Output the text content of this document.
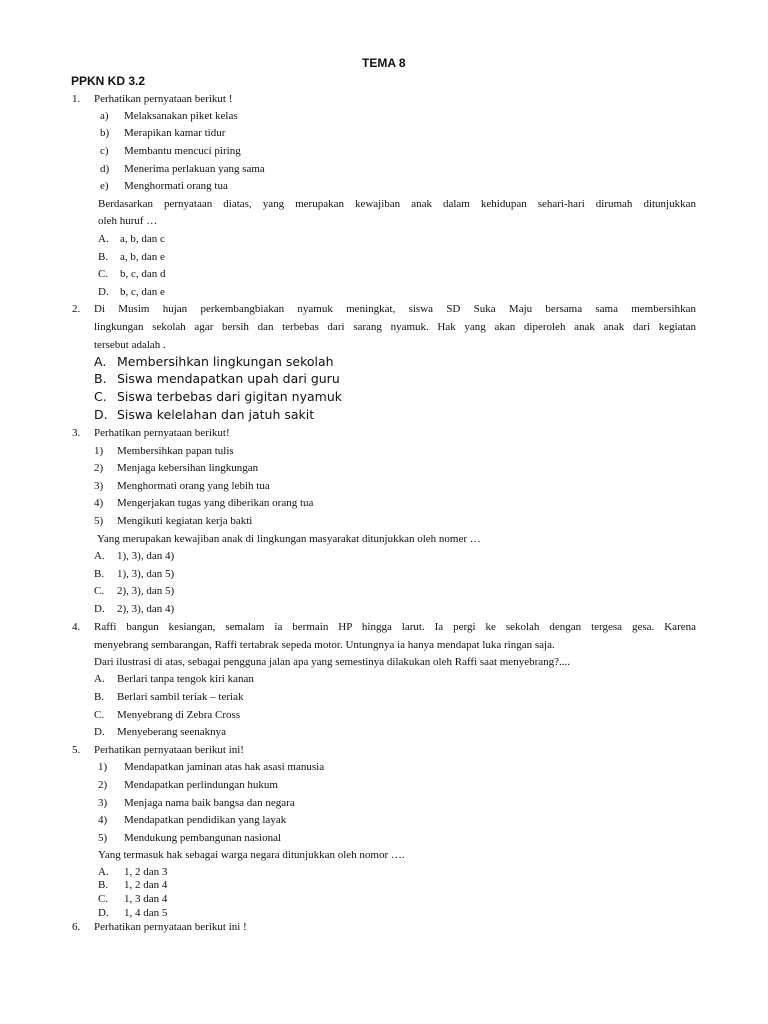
TEMA 8
PPKN KD 3.2
1. Perhatikan pernyataan berikut !
a) Melaksanakan piket kelas
b) Merapikan kamar tidur
c) Membantu mencuci piring
d) Menerima perlakuan yang sama
e) Menghormati orang tua
Berdasarkan pernyataan diatas, yang merupakan kewajiban anak dalam kehidupan sehari-hari dirumah ditunjukkan
oleh huruf …
A. a, b, dan c
B. a, b, dan e
C. b, c, dan d
D. b, c, dan e
2. Di Musim hujan perkembangbiakan nyamuk meningkat, siswa SD Suka Maju bersama sama membersihkan
lingkungan sekolah agar bersih dan terbebas dari sarang nyamuk. Hak yang akan diperoleh anak anak dari kegiatan
tersebut adalah .
A. Membersihkan lingkungan sekolah
B. Siswa mendapatkan upah dari guru
C. Siswa terbebas dari gigitan nyamuk
D. Siswa kelelahan dan jatuh sakit
3. Perhatikan pernyataan berikut!
1) Membersihkan papan tulis
2) Menjaga kebersihan lingkungan
3) Menghormati orang yang lebih tua
4) Mengerjakan tugas yang diberikan orang tua
5) Mengikuti kegiatan kerja bakti
Yang merupakan kewajiban anak di lingkungan masyarakat ditunjukkan oleh nomer …
A. 1), 3), dan 4)
B. 1), 3), dan 5)
C. 2), 3), dan 5)
D. 2), 3), dan 4)
4. Raffi bangun kesiangan, semalam ia bermain HP hingga larut. Ia pergi ke sekolah dengan tergesa gesa. Karena
menyebrang sembarangan, Raffi tertabrak sepeda motor. Untungnya ia hanya mendapat luka ringan saja.
Dari ilustrasi di atas, sebagai pengguna jalan apa yang semestinya dilakukan oleh Raffi saat menyebrang?....
A. Berlari tanpa tengok kiri kanan
B. Berlari sambil teriak – teriak
C. Menyebrang di Zebra Cross
D. Menyeberang seenaknya
5. Perhatikan pernyataan berikut ini!
1) Mendapatkan jaminan atas hak asasi manusia
2) Mendapatkan perlindungan hukum
3) Menjaga nama baik bangsa dan negara
4) Mendapatkan pendidikan yang layak
5) Mendukung pembangunan nasional
Yang termasuk hak sebagai warga negara ditunjukkan oleh nomor ….
A. 1, 2 dan 3
B. 1, 2 dan 4
C. 1, 3 dan 4
D. 1, 4 dan 5
6. Perhatikan pernyataan berikut ini !
